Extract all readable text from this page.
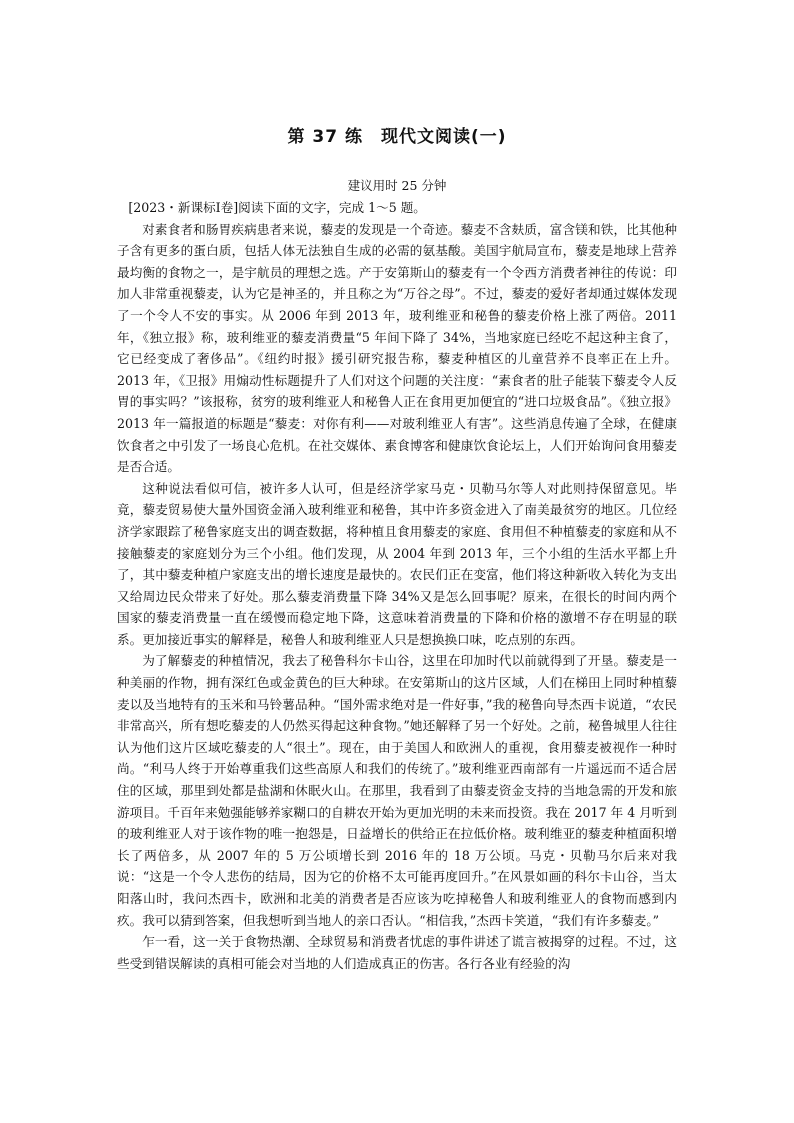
第 37 练　现代文阅读(一)

建议用时 25 分钟

[2023・新课标Ⅰ卷]阅读下面的文字，完成 1～5 题。

对素食者和肠胃疾病患者来说，藜麦的发现是一个奇迹。藜麦不含麸质，富含镁和铁，比其他种子含有更多的蛋白质，包括人体无法独自生成的必需的氨基酸。美国宇航局宣布，藜麦是地球上营养最均衡的食物之一，是宇航员的理想之选。产于安第斯山的藜麦有一个令西方消费者神往的传说：印加人非常重视藜麦，认为它是神圣的，并且称之为“万谷之母”。不过，藜麦的爱好者却通过媒体发现了一个令人不安的事实。从 2006 年到 2013 年，玻利维亚和秘鲁的藜麦价格上涨了两倍。2011 年，《独立报》称，玻利维亚的藜麦消费量“5 年间下降了 34%，当地家庭已经吃不起这种主食了，它已经变成了奢侈品”。《纽约时报》援引研究报告称，藜麦种植区的儿童营养不良率正在上升。2013 年，《卫报》用煽动性标题提升了人们对这个问题的关注度：“素食者的肚子能装下藜麦令人反胃的事实吗？”该报称，贫穷的玻利维亚人和秘鲁人正在食用更加便宜的“进口垃圾食品”。《独立报》2013 年一篇报道的标题是“藜麦：对你有利——对玻利维亚人有害”。这些消息传遍了全球，在健康饮食者之中引发了一场良心危机。在社交媒体、素食博客和健康饮食论坛上，人们开始询问食用藜麦是否合适。

这种说法看似可信，被许多人认可，但是经济学家马克・贝勒马尔等人对此则持保留意见。毕竟，藜麦贸易使大量外国资金涌入玻利维亚和秘鲁，其中许多资金进入了南美最贫穷的地区。几位经济学家跟踪了秘鲁家庭支出的调查数据，将种植且食用藜麦的家庭、食用但不种植藜麦的家庭和从不接触藜麦的家庭划分为三个小组。他们发现，从 2004 年到 2013 年，三个小组的生活水平都上升了，其中藜麦种植户家庭支出的增长速度是最快的。农民们正在变富，他们将这种新收入转化为支出又给周边民众带来了好处。那么藜麦消费量下降 34%又是怎么回事呢？原来，在很长的时间内两个国家的藜麦消费量一直在缓慢而稳定地下降，这意味着消费量的下降和价格的激增不存在明显的联系。更加接近事实的解释是，秘鲁人和玻利维亚人只是想换换口味，吃点别的东西。

为了解藜麦的种植情况，我去了秘鲁科尔卡山谷，这里在印加时代以前就得到了开垦。藜麦是一种美丽的作物，拥有深红色或金黄色的巨大种球。在安第斯山的这片区域，人们在梯田上同时种植藜麦以及当地特有的玉米和马铃薯品种。“国外需求绝对是一件好事，”我的秘鲁向导杰西卡说道，“农民非常高兴，所有想吃藜麦的人仍然买得起这种食物。”她还解释了另一个好处。之前，秘鲁城里人往往认为他们这片区域吃藜麦的人“很土”。现在，由于美国人和欧洲人的重视，食用藜麦被视作一种时尚。“利马人终于开始尊重我们这些高原人和我们的传统了。”玻利维亚西南部有一片遥远而不适合居住的区域，那里到处都是盐湖和休眠火山。在那里，我看到了由藜麦资金支持的当地急需的开发和旅游项目。千百年来勉强能够养家糊口的自耕农开始为更加光明的未来而投资。我在 2017 年 4 月听到的玻利维亚人对于该作物的唯一抱怨是，日益增长的供给正在拉低价格。玻利维亚的藜麦种植面积增长了两倍多，从 2007 年的 5 万公顷增长到 2016 年的 18 万公顷。马克・贝勒马尔后来对我说：“这是一个令人悲伤的结局，因为它的价格不太可能再度回升。”在风景如画的科尔卡山谷，当太阳落山时，我问杰西卡，欧洲和北美的消费者是否应该为吃掉秘鲁人和玻利维亚人的食物而感到内疚。我可以猜到答案，但我想听到当地人的亲口否认。“相信我，”杰西卡笑道，“我们有许多藜麦。”

乍一看，这一关于食物热潮、全球贸易和消费者忧虑的事件讲述了谎言被揭穿的过程。不过，这些受到错误解读的真相可能会对当地的人们造成真正的伤害。各行各业有经验的沟
